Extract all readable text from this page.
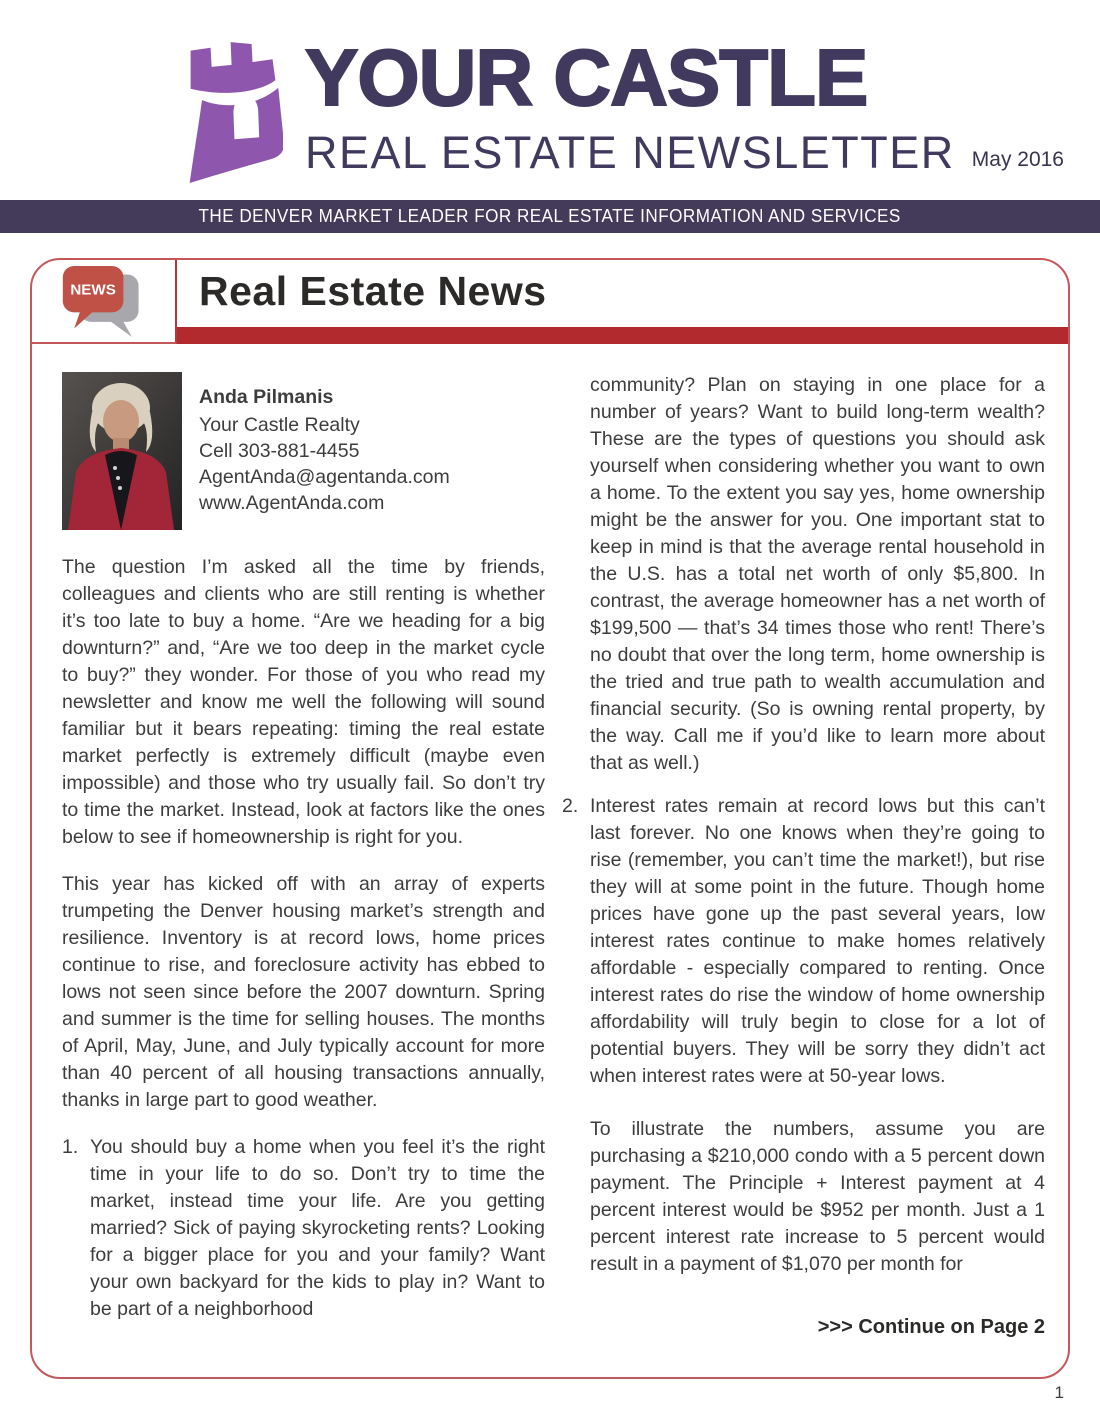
YOUR CASTLE
REAL ESTATE NEWSLETTER May 2016
THE DENVER MARKET LEADER FOR REAL ESTATE INFORMATION AND SERVICES
NEWS	Real Estate News
Anda Pilmanis
Your Castle Realty
Cell 303-881-4455
AgentAnda@agentanda.com
www.AgentAnda.com

The question I’m asked all the time by friends, colleagues and clients who are still renting is whether it’s too late to buy a home. “Are we heading for a big downturn?” and, “Are we too deep in the market cycle to buy?” they wonder. For those of you who read my newsletter and know me well the following will sound familiar but it bears repeating: timing the real estate market perfectly is extremely difficult (maybe even impossible) and those who try usually fail. So don’t try to time the market. Instead, look at factors like the ones below to see if homeownership is right for you.

This year has kicked off with an array of experts trumpeting the Denver housing market’s strength and resilience. Inventory is at record lows, home prices continue to rise, and foreclosure activity has ebbed to lows not seen since before the 2007 downturn. Spring and summer is the time for selling houses. The months of April, May, June, and July typically account for more than 40 percent of all housing transactions annually, thanks in large part to good weather.

1. You should buy a home when you feel it’s the right time in your life to do so. Don’t try to time the market, instead time your life. Are you getting married? Sick of paying skyrocketing rents? Looking for a bigger place for you and your family? Want your own backyard for the kids to play in? Want to be part of a neighborhood

community? Plan on staying in one place for a number of years? Want to build long-term wealth? These are the types of questions you should ask yourself when considering whether you want to own a home. To the extent you say yes, home ownership might be the answer for you. One important stat to keep in mind is that the average rental household in the U.S. has a total net worth of only $5,800. In contrast, the average homeowner has a net worth of $199,500 — that’s 34 times those who rent! There’s no doubt that over the long term, home ownership is the tried and true path to wealth accumulation and financial security. (So is owning rental property, by the way. Call me if you’d like to learn more about that as well.)

2. Interest rates remain at record lows but this can’t last forever. No one knows when they’re going to rise (remember, you can’t time the market!), but rise they will at some point in the future. Though home prices have gone up the past several years, low interest rates continue to make homes relatively affordable - especially compared to renting. Once interest rates do rise the window of home ownership affordability will truly begin to close for a lot of potential buyers. They will be sorry they didn’t act when interest rates were at 50-year lows.

To illustrate the numbers, assume you are purchasing a $210,000 condo with a 5 percent down payment. The Principle + Interest payment at 4 percent interest would be $952 per month. Just a 1 percent interest rate increase to 5 percent would result in a payment of $1,070 per month for

>>> Continue on Page 2

1
